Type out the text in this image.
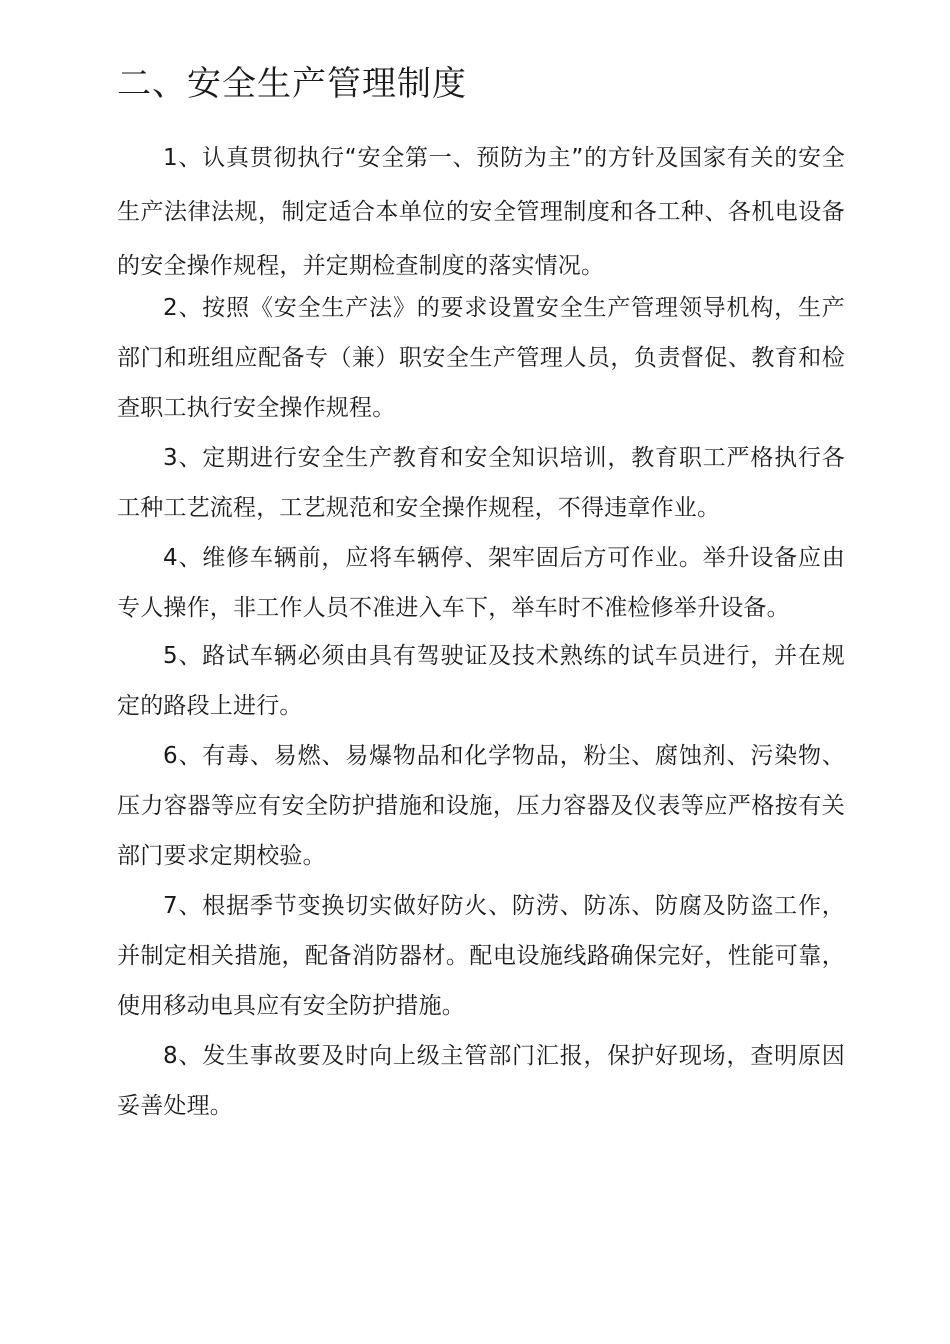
二、安全生产管理制度

1、认真贯彻执行“安全第一、预防为主”的方针及国家有关的安全生产法律法规，制定适合本单位的安全管理制度和各工种、各机电设备的安全操作规程，并定期检查制度的落实情况。

2、按照《安全生产法》的要求设置安全生产管理领导机构，生产部门和班组应配备专（兼）职安全生产管理人员，负责督促、教育和检查职工执行安全操作规程。

3、定期进行安全生产教育和安全知识培训，教育职工严格执行各工种工艺流程，工艺规范和安全操作规程，不得违章作业。

4、维修车辆前，应将车辆停、架牢固后方可作业。举升设备应由专人操作，非工作人员不准进入车下，举车时不准检修举升设备。

5、路试车辆必须由具有驾驶证及技术熟练的试车员进行，并在规定的路段上进行。

6、有毒、易燃、易爆物品和化学物品，粉尘、腐蚀剂、污染物、压力容器等应有安全防护措施和设施，压力容器及仪表等应严格按有关部门要求定期校验。

7、根据季节变换切实做好防火、防涝、防冻、防腐及防盗工作，并制定相关措施，配备消防器材。配电设施线路确保完好，性能可靠，使用移动电具应有安全防护措施。

8、发生事故要及时向上级主管部门汇报，保护好现场，查明原因妥善处理。
